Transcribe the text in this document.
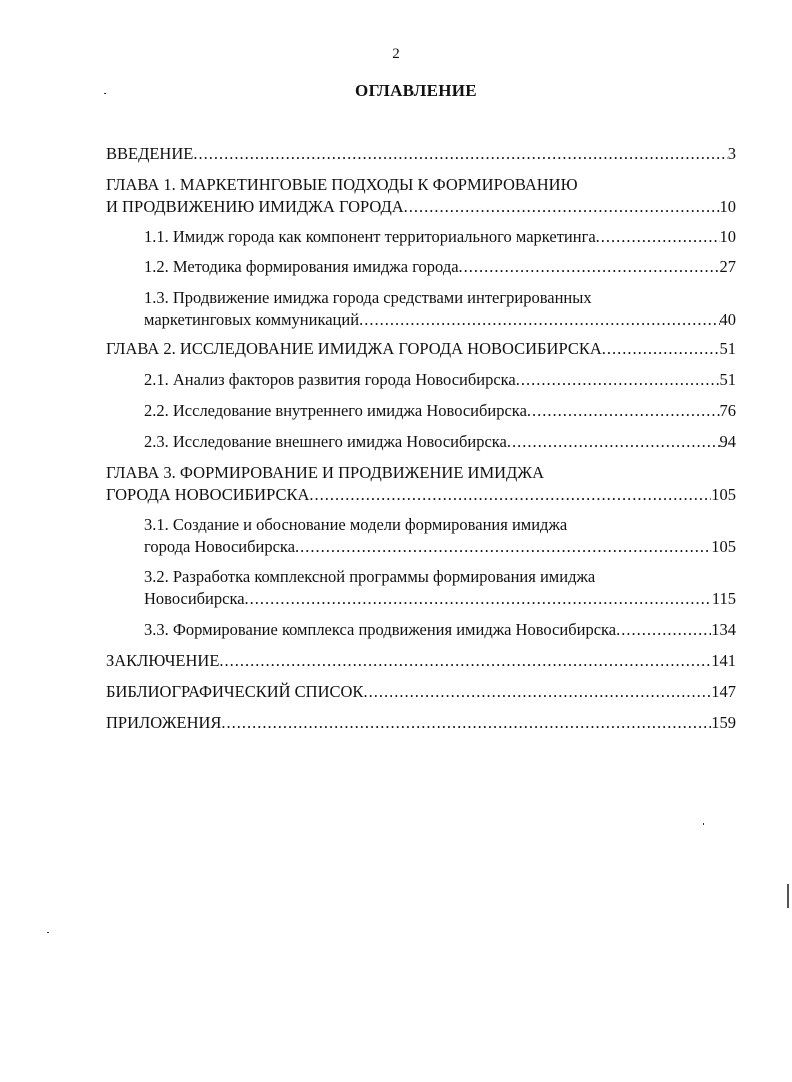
2
ОГЛАВЛЕНИЕ
ВВЕДЕНИЕ .....	3
ГЛАВА 1. МАРКЕТИНГОВЫЕ ПОДХОДЫ К ФОРМИРОВАНИЮ
И ПРОДВИЖЕНИЮ ИМИДЖА ГОРОДА .....	10
1.1. Имидж города как компонент территориального маркетинга .....	10
1.2. Методика формирования имиджа города .....	27
1.3. Продвижение имиджа города средствами интегрированных
маркетинговых коммуникаций .....	40
ГЛАВА 2. ИССЛЕДОВАНИЕ ИМИДЖА ГОРОДА НОВОСИБИРСКА .....	51
2.1. Анализ факторов развития города Новосибирска .....	51
2.2. Исследование внутреннего имиджа Новосибирска .....	76
2.3. Исследование внешнего имиджа Новосибирска .....	94
ГЛАВА 3. ФОРМИРОВАНИЕ И ПРОДВИЖЕНИЕ ИМИДЖА
ГОРОДА НОВОСИБИРСКА .....	105
3.1. Создание и обоснование модели формирования имиджа
города Новосибирска .....	105
3.2. Разработка комплексной программы формирования имиджа
Новосибирска .....	115
3.3. Формирование комплекса продвижения имиджа Новосибирска .....	134
ЗАКЛЮЧЕНИЕ .....	141
БИБЛИОГРАФИЧЕСКИЙ СПИСОК .....	147
ПРИЛОЖЕНИЯ .....	159
